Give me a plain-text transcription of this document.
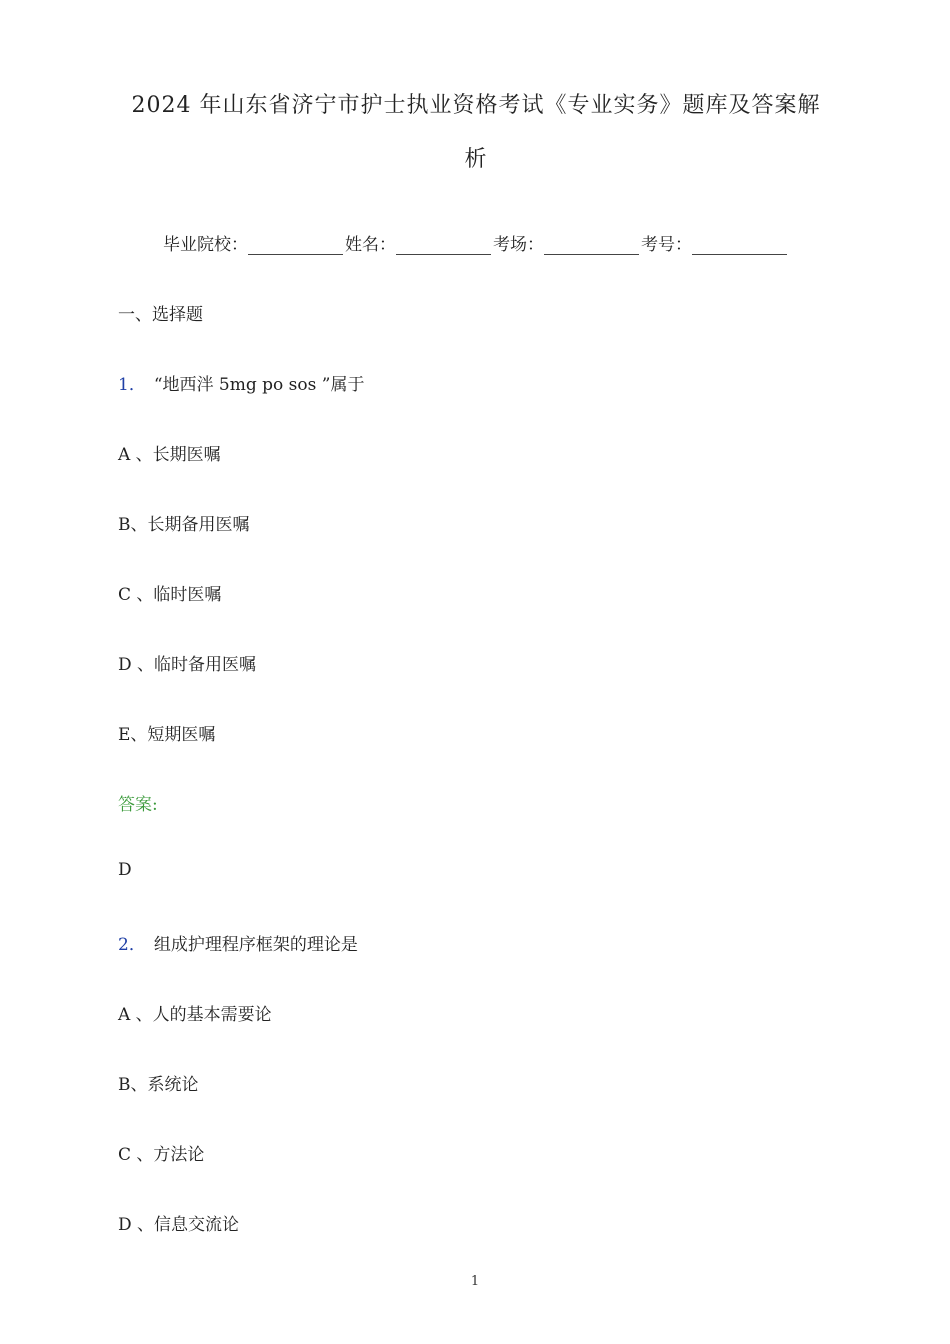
2024 年山东省济宁市护士执业资格考试《专业实务》题库及答案解
析
毕业院校：	姓名：	考场：	考号：
一、选择题
1． “地西泮 5mg po sos ”属于
A 、长期医嘱
B、长期备用医嘱
C 、临时医嘱
D 、临时备用医嘱
E、短期医嘱
答案:
D
2． 组成护理程序框架的理论是
A 、人的基本需要论
B、系统论
C 、方法论
D 、信息交流论
1
